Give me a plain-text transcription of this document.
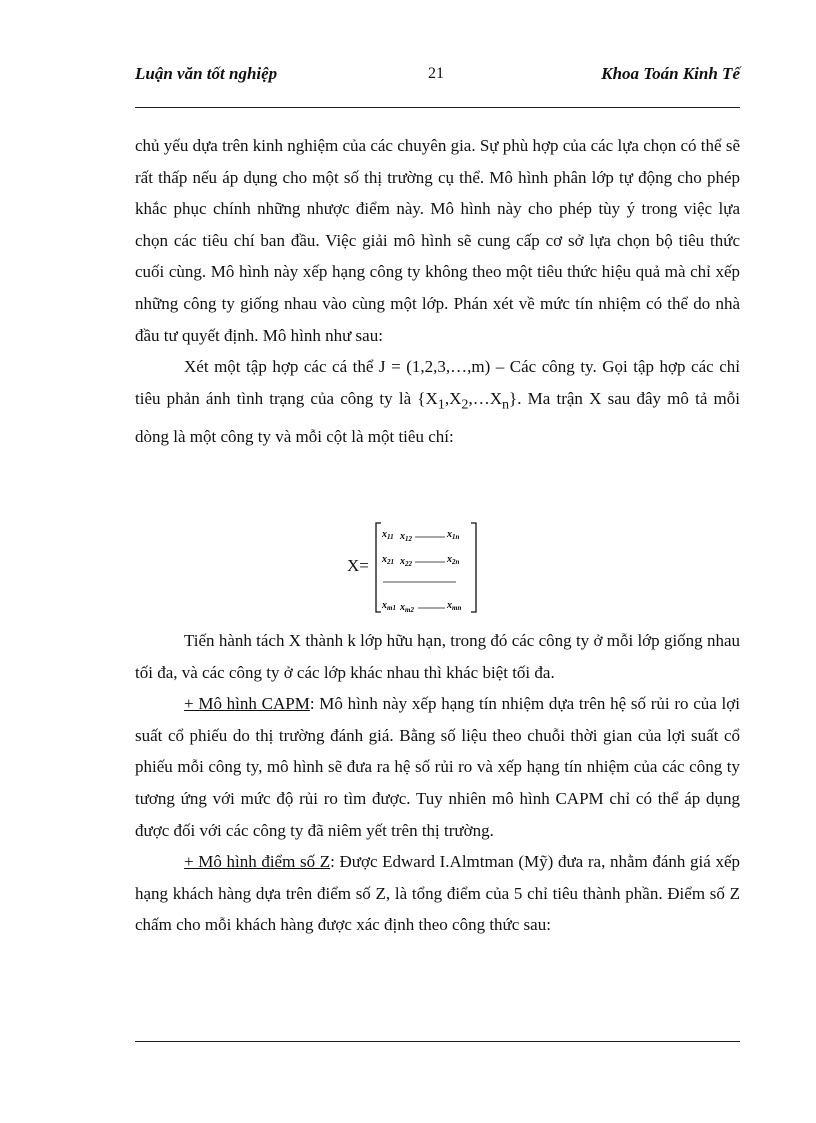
Luận văn tốt nghiệp	21	Khoa Toán Kinh Tế

chủ yếu dựa trên kinh nghiệm của các chuyên gia. Sự phù hợp của các lựa chọn có thể sẽ rất thấp nếu áp dụng cho một số thị trường cụ thể. Mô hình phân lớp tự động cho phép khắc phục chính những nhược điểm này. Mô hình này cho phép tùy ý trong việc lựa chọn các tiêu chí ban đầu. Việc giải mô hình sẽ cung cấp cơ sở lựa chọn bộ tiêu thức cuối cùng. Mô hình này xếp hạng công ty không theo một tiêu thức hiệu quả mà chỉ xếp những công ty giống nhau vào cùng một lớp. Phán xét về mức tín nhiệm có thể do nhà đầu tư quyết định. Mô hình như sau:

Xét một tập hợp các cá thể J = (1,2,3,…,m) – Các công ty. Gọi tập hợp các chỉ tiêu phản ánh tình trạng của công ty là $\{X_1,X_2,\dots X_n\}$. Ma trận X sau đây mô tả mỗi dòng là một công ty và mỗi cột là một tiêu chí:

X=
$x_{11}$ $x_{12}$	$x_{1n}$
$x_{21}$ $x_{22}$	$x_{2n}$
$x_{m1}$ $x_{m2}$	$x_{mn}$

Tiến hành tách X thành k lớp hữu hạn, trong đó các công ty ở mỗi lớp giống nhau tối đa, và các công ty ở các lớp khác nhau thì khác biệt tối đa.

+ Mô hình CAPM: Mô hình này xếp hạng tín nhiệm dựa trên hệ số rủi ro của lợi suất cổ phiếu do thị trường đánh giá. Bằng số liệu theo chuỗi thời gian của lợi suất cổ phiếu mỗi công ty, mô hình sẽ đưa ra hệ số rủi ro và xếp hạng tín nhiệm của các công ty tương ứng với mức độ rủi ro tìm được. Tuy nhiên mô hình CAPM chỉ có thể áp dụng được đối với các công ty đã niêm yết trên thị trường.

+ Mô hình điểm số Z: Được Edward I.Almtman (Mỹ) đưa ra, nhằm đánh giá xếp hạng khách hàng dựa trên điểm số Z, là tổng điểm của 5 chỉ tiêu thành phần. Điểm số Z chấm cho mỗi khách hàng được xác định theo công thức sau:
